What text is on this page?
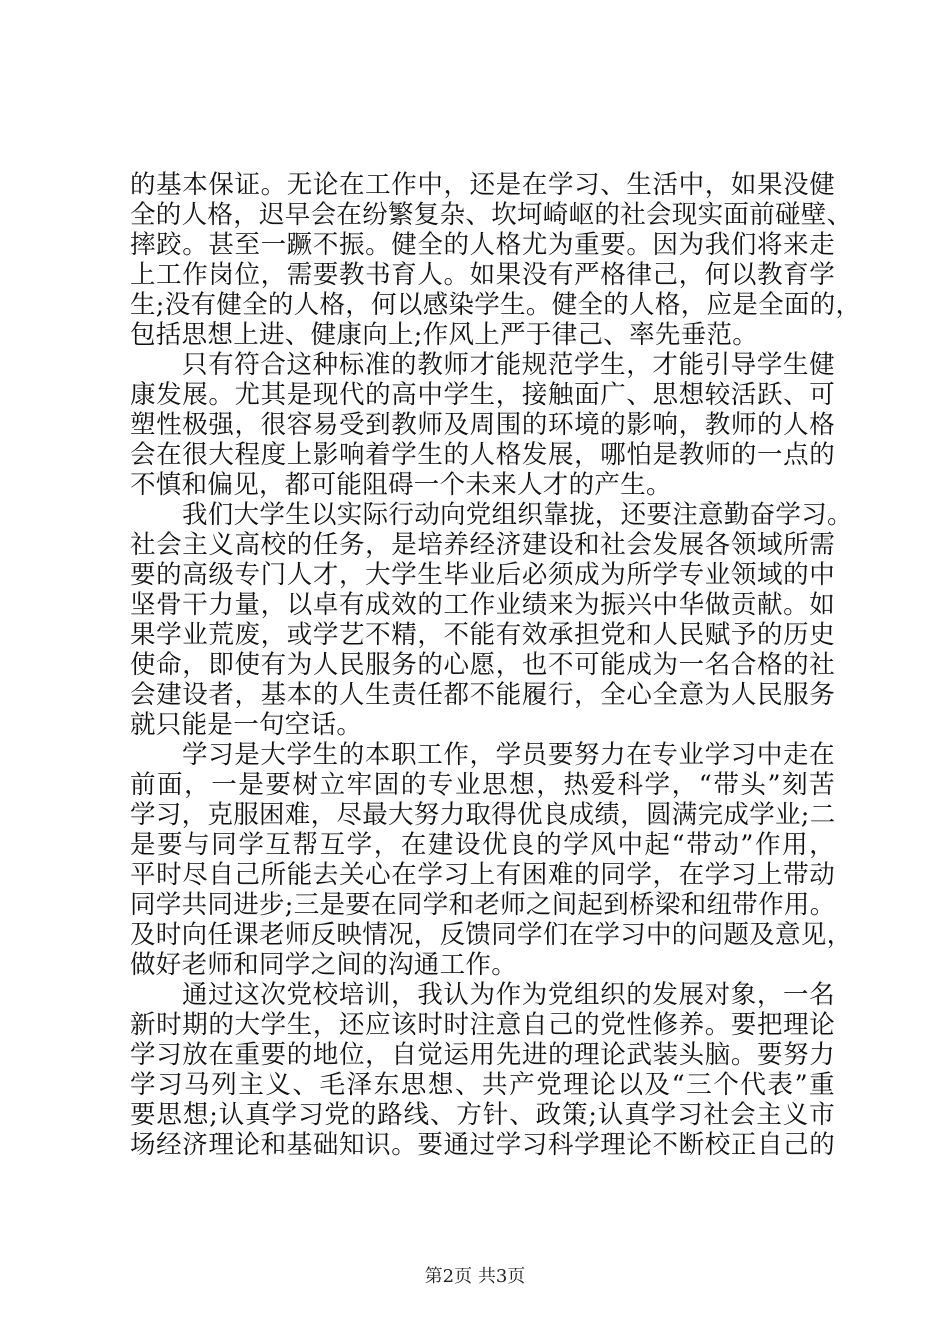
的基本保证。无论在工作中，还是在学习、生活中，如果没健
全的人格，迟早会在纷繁复杂、坎坷崎岖的社会现实面前碰壁、
摔跤。甚至一蹶不振。健全的人格尤为重要。因为我们将来走
上工作岗位，需要教书育人。如果没有严格律己，何以教育学
生;没有健全的人格，何以感染学生。健全的人格，应是全面的，
包括思想上进、健康向上;作风上严于律己、率先垂范。
只有符合这种标准的教师才能规范学生，才能引导学生健
康发展。尤其是现代的高中学生，接触面广、思想较活跃、可
塑性极强，很容易受到教师及周围的环境的影响，教师的人格
会在很大程度上影响着学生的人格发展，哪怕是教师的一点的
不慎和偏见，都可能阻碍一个未来人才的产生。
我们大学生以实际行动向党组织靠拢，还要注意勤奋学习。
社会主义高校的任务，是培养经济建设和社会发展各领域所需
要的高级专门人才，大学生毕业后必须成为所学专业领域的中
坚骨干力量，以卓有成效的工作业绩来为振兴中华做贡献。如
果学业荒废，或学艺不精，不能有效承担党和人民赋予的历史
使命，即使有为人民服务的心愿，也不可能成为一名合格的社
会建设者，基本的人生责任都不能履行，全心全意为人民服务
就只能是一句空话。
学习是大学生的本职工作，学员要努力在专业学习中走在
前面，一是要树立牢固的专业思想，热爱科学，“带头”刻苦
学习，克服困难，尽最大努力取得优良成绩，圆满完成学业;二
是要与同学互帮互学，在建设优良的学风中起“带动”作用，
平时尽自己所能去关心在学习上有困难的同学，在学习上带动
同学共同进步;三是要在同学和老师之间起到桥梁和纽带作用。
及时向任课老师反映情况，反馈同学们在学习中的问题及意见，
做好老师和同学之间的沟通工作。
通过这次党校培训，我认为作为党组织的发展对象，一名
新时期的大学生，还应该时时注意自己的党性修养。要把理论
学习放在重要的地位，自觉运用先进的理论武装头脑。要努力
学习马列主义、毛泽东思想、共产党理论以及“三个代表”重
要思想;认真学习党的路线、方针、政策;认真学习社会主义市
场经济理论和基础知识。要通过学习科学理论不断校正自己的
第2页 共3页
